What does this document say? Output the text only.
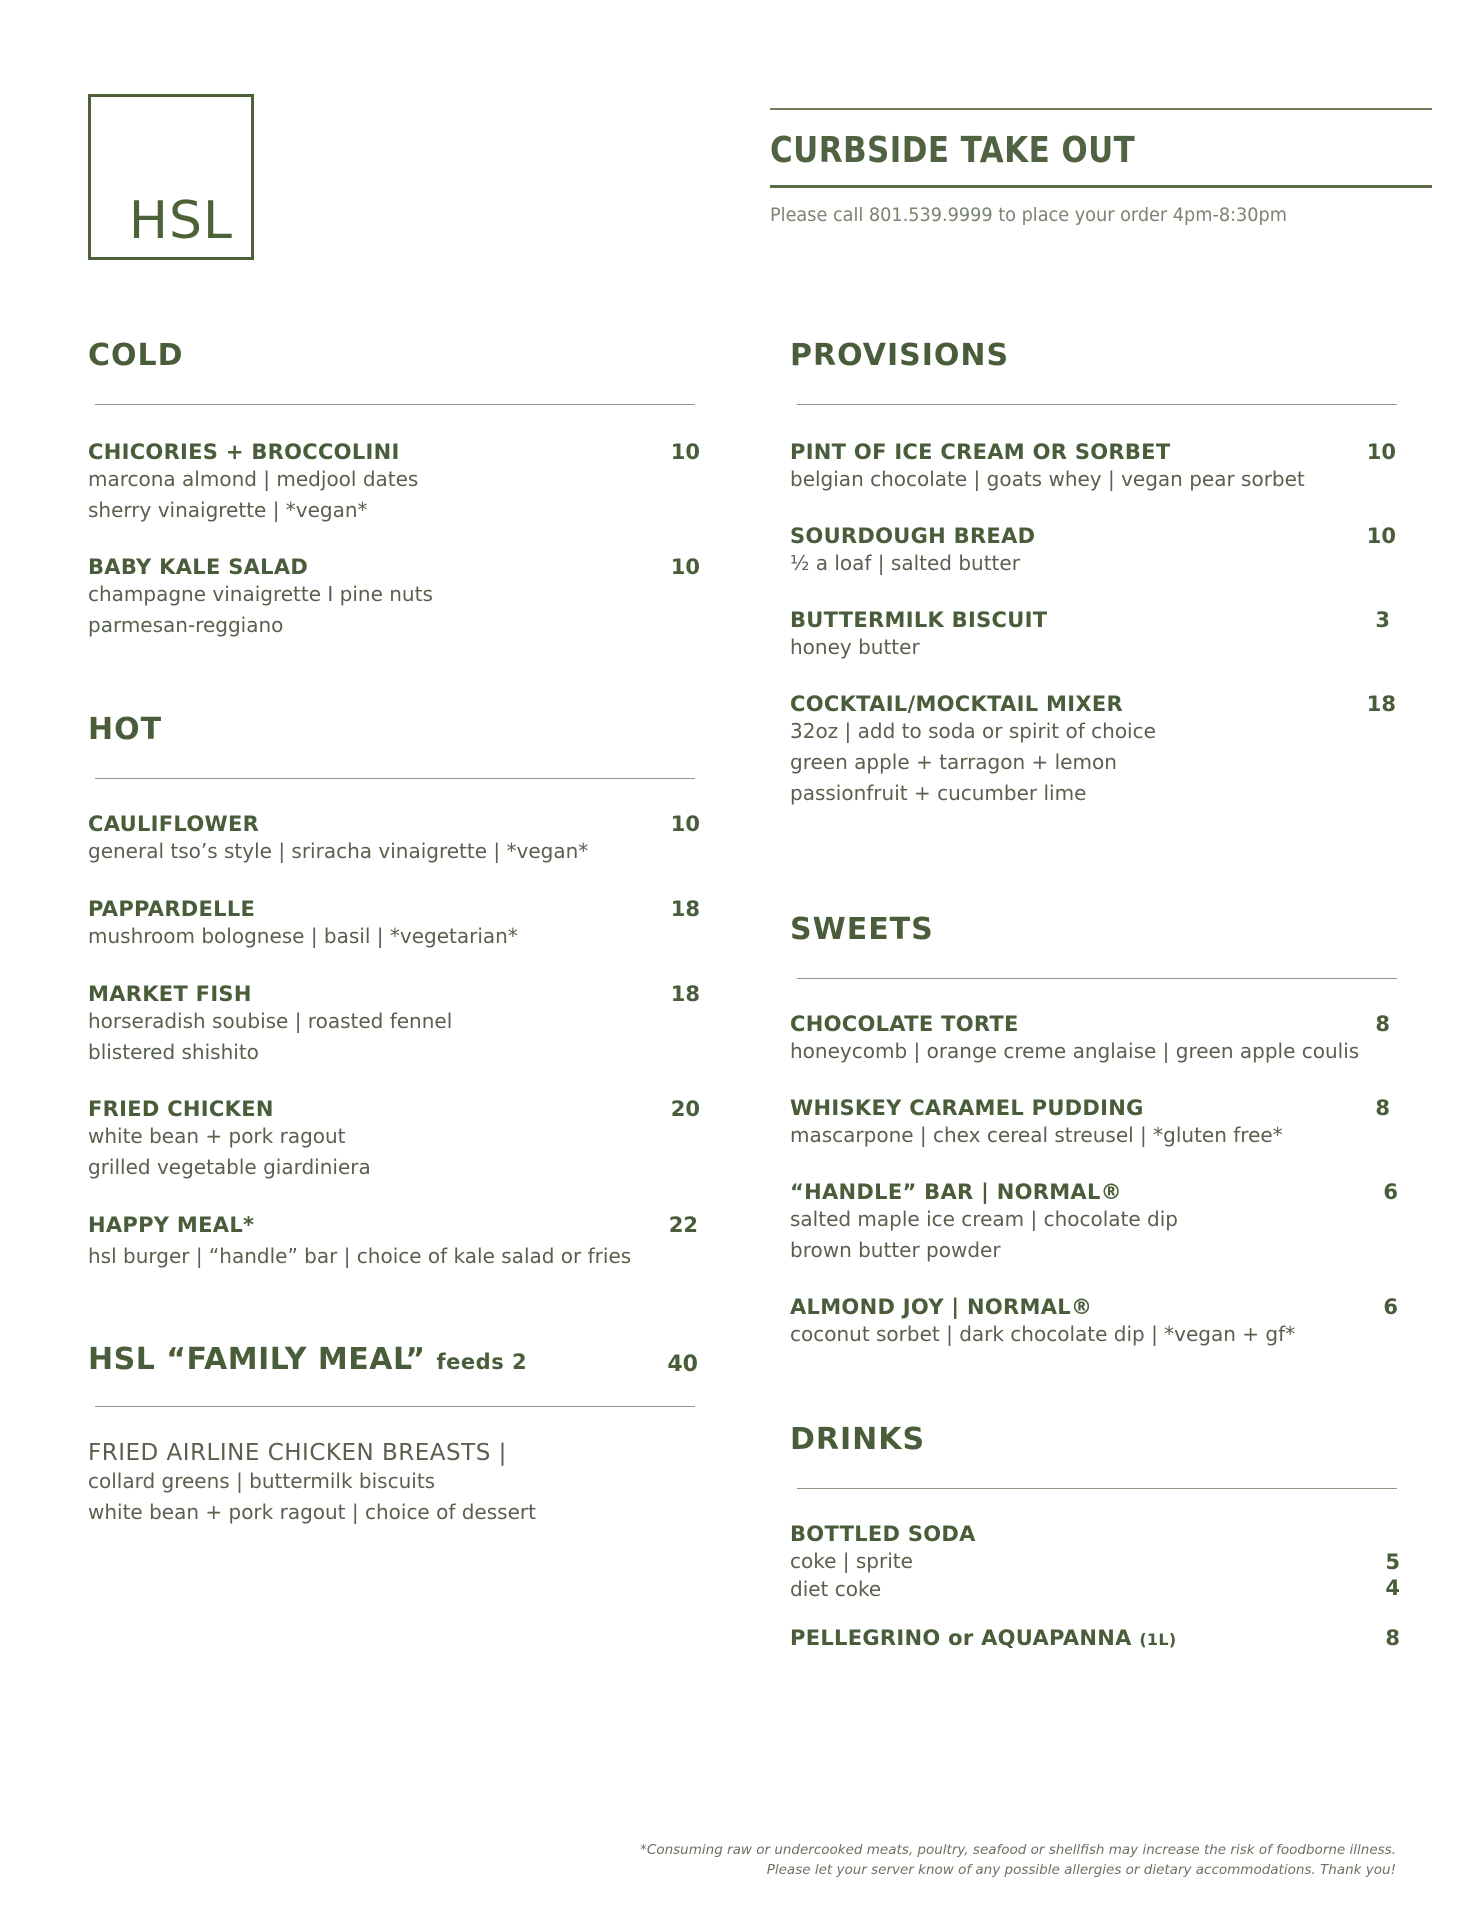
HSL
CURBSIDE TAKE OUT
Please call 801.539.9999 to place your order 4pm-8:30pm
COLD
CHICORIES + BROCCOLINI	10
marcona almond | medjool dates
sherry vinaigrette | *vegan*
BABY KALE SALAD	10
champagne vinaigrette I pine nuts
parmesan-reggiano
HOT
CAULIFLOWER	10
general tso’s style | sriracha vinaigrette | *vegan*
PAPPARDELLE	18
mushroom bolognese | basil | *vegetarian*
MARKET FISH	18
horseradish soubise | roasted fennel
blistered shishito
FRIED CHICKEN	20
white bean + pork ragout
grilled vegetable giardiniera
HAPPY MEAL*	22
hsl burger | “handle” bar | choice of kale salad or fries
HSL “FAMILY MEAL” feeds 2	40
FRIED AIRLINE CHICKEN BREASTS |
collard greens | buttermilk biscuits
white bean + pork ragout | choice of dessert
PROVISIONS
PINT OF ICE CREAM OR SORBET	10
belgian chocolate | goats whey | vegan pear sorbet
SOURDOUGH BREAD	10
½ a loaf | salted butter
BUTTERMILK BISCUIT	3
honey butter
COCKTAIL/MOCKTAIL MIXER	18
32oz | add to soda or spirit of choice
green apple + tarragon + lemon
passionfruit + cucumber lime
SWEETS
CHOCOLATE TORTE	8
honeycomb | orange creme anglaise | green apple coulis
WHISKEY CARAMEL PUDDING	8
mascarpone | chex cereal streusel | *gluten free*
“HANDLE” BAR | NORMAL®	6
salted maple ice cream | chocolate dip
brown butter powder
ALMOND JOY | NORMAL®	6
coconut sorbet | dark chocolate dip | *vegan + gf*
DRINKS
BOTTLED SODA
coke | sprite	5
diet coke	4
PELLEGRINO or AQUAPANNA (1L)	8
*Consuming raw or undercooked meats, poultry, seafood or shellfish may increase the risk of foodborne illness.
Please let your server know of any possible allergies or dietary accommodations. Thank you!
